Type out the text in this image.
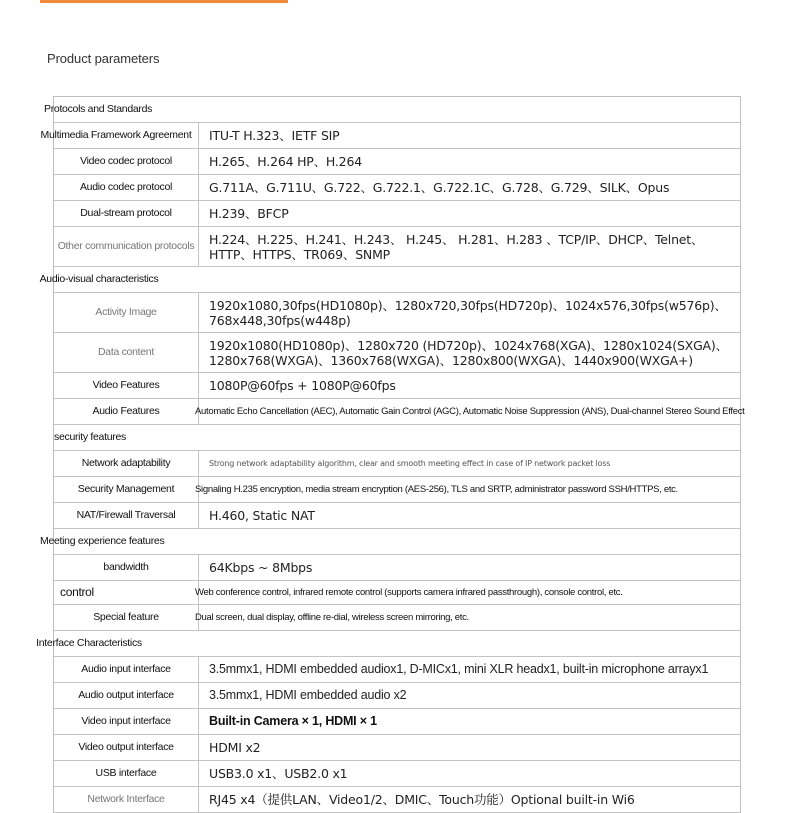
Product parameters
Protocols and Standards
Multimedia Framework Agreement	ITU-T H.323、IETF SIP
Video codec protocol	H.265、H.264 HP、H.264
Audio codec protocol	G.711A、G.711U、G.722、G.722.1、G.722.1C、G.728、G.729、SILK、Opus
Dual-stream protocol	H.239、BFCP
Other communication protocols	H.224、H.225、H.241、H.243、 H.245、 H.281、H.283 、TCP/IP、DHCP、Telnet、HTTP、HTTPS、TR069、SNMP
Audio-visual characteristics
Activity Image	1920x1080,30fps(HD1080p)、1280x720,30fps(HD720p)、1024x576,30fps(w576p)、768x448,30fps(w448p)
Data content	1920x1080(HD1080p)、1280x720 (HD720p)、1024x768(XGA)、1280x1024(SXGA)、1280x768(WXGA)、1360x768(WXGA)、1280x800(WXGA)、1440x900(WXGA+)
Video Features	1080P@60fps + 1080P@60fps
Audio Features	Automatic Echo Cancellation (AEC), Automatic Gain Control (AGC), Automatic Noise Suppression (ANS), Dual-channel Stereo Sound Effect
security features
Network adaptability	Strong network adaptability algorithm, clear and smooth meeting effect in case of IP network packet loss
Security Management	Signaling H.235 encryption, media stream encryption (AES-256), TLS and SRTP, administrator password SSH/HTTPS, etc.
NAT/Firewall Traversal	H.460, Static NAT
Meeting experience features
bandwidth	64Kbps ~ 8Mbps
control	Web conference control, infrared remote control (supports camera infrared passthrough), console control, etc.
Special feature	Dual screen, dual display, offline re-dial, wireless screen mirroring, etc.
Interface Characteristics
Audio input interface	3.5mmx1, HDMI embedded audiox1, D-MICx1, mini XLR headx1, built-in microphone arrayx1
Audio output interface	3.5mmx1, HDMI embedded audio x2
Video input interface	Built-in Camera × 1, HDMI × 1
Video output interface	HDMI x2
USB interface	USB3.0 x1、USB2.0 x1
Network Interface	RJ45 x4（提供LAN、Video1/2、DMIC、Touch功能）Optional built-in Wi6
